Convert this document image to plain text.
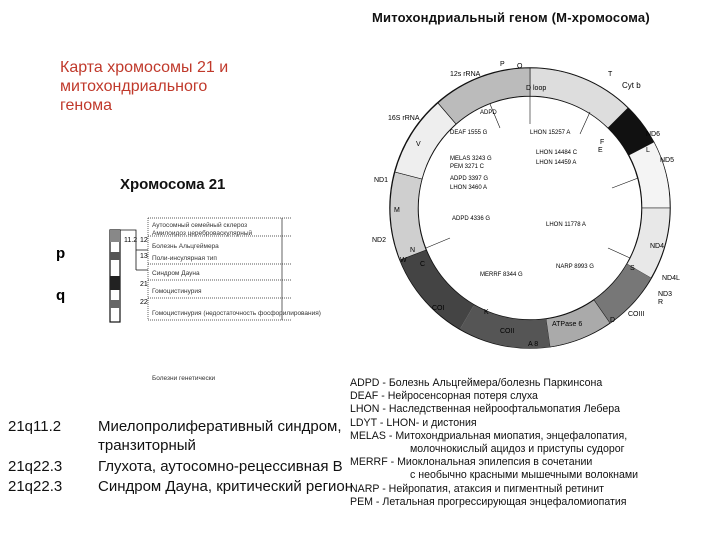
Карта хромосомы 21 и
митохондриального
генома
Митохондриальный геном (М-хромосома)
Хромосома 21
p
q
11.2 12
13
21
22
Аутосомный семейный склероз
Амилоидоз цереброваскулярный
Болезнь Альцгеймера
Поли-инсулярная тип
Синдром Дауна
Гомоцистинурия
Гомоцистинурия (недостаточность фосфорилирования)
Болезни генетически
21q11.2 Миелопролиферативный синдром,
транзиторный
21q22.3 Глухота, аутосомно-рецессивная В
21q22.3 Синдром Дауна, критический регион
O
D loop
12s rRNA
16S rRNA
Cyt b
ND1
ND2
ND3
ND4
ND4L
ND5
ND6
COI
COII
COIII
ATPase 6
A 8
M
W
C
K
R
S
N
V
E
T
P
L
D
F
ADPD
DEAF 1555 G	LHON 15257 A
LHON 14484 C
LHON 14459 A
MELAS 3243 G
PEM 3271 C
ADPD 3397 G
LHON 3460 A
ADPD 4336 G
LHON 11778 A
NARP 8993 G
MERRF 8344 G
ADPD - Болезнь Альцгеймера/болезнь Паркинсона
DEAF - Нейросенсорная потеря слуха
LHON - Наследственная нейроофтальмопатия Лебера
LDYT - LHON- и дистония
MELAS - Митохондриальная миопатия, энцефалопатия,
молочнокислый ацидоз и приступы судорог
MERRF - Миоклональная эпилепсия в сочетании
с необычно красными мышечными волокнами
NARP - Нейропатия, атаксия и пигментный ретинит
PEM - Летальная прогрессирующая энцефаломиопатия
